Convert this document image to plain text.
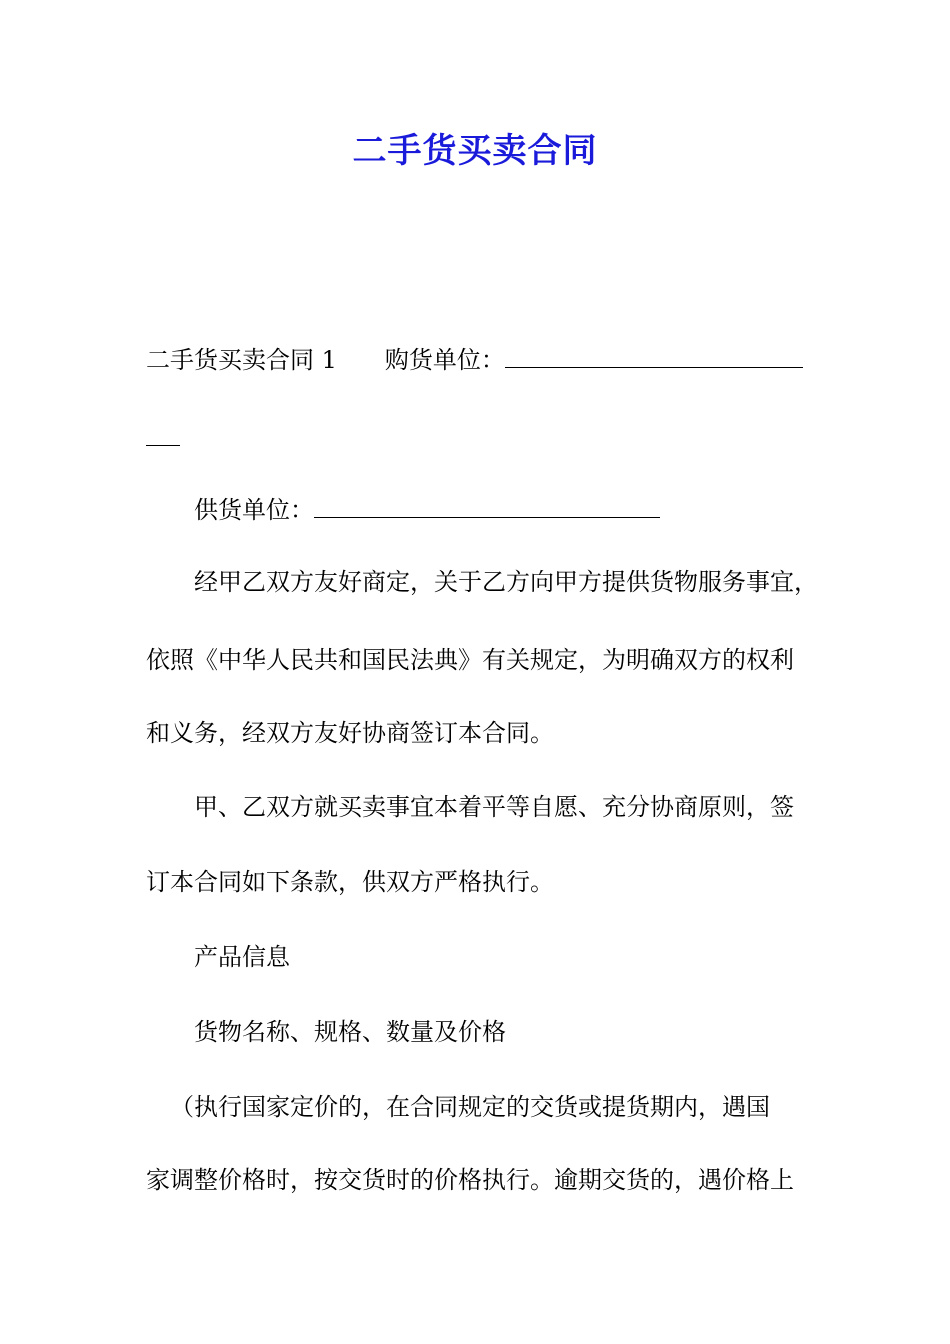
二手货买卖合同
二手货买卖合同 1 购货单位：
供货单位：
经甲乙双方友好商定，关于乙方向甲方提供货物服务事宜，
依照《中华人民共和国民法典》有关规定，为明确双方的权利
和义务，经双方友好协商签订本合同。
甲、乙双方就买卖事宜本着平等自愿、充分协商原则，签
订本合同如下条款，供双方严格执行。
产品信息
货物名称、规格、数量及价格
（执行国家定价的，在合同规定的交货或提货期内，遇国
家调整价格时，按交货时的价格执行。逾期交货的，遇价格上
